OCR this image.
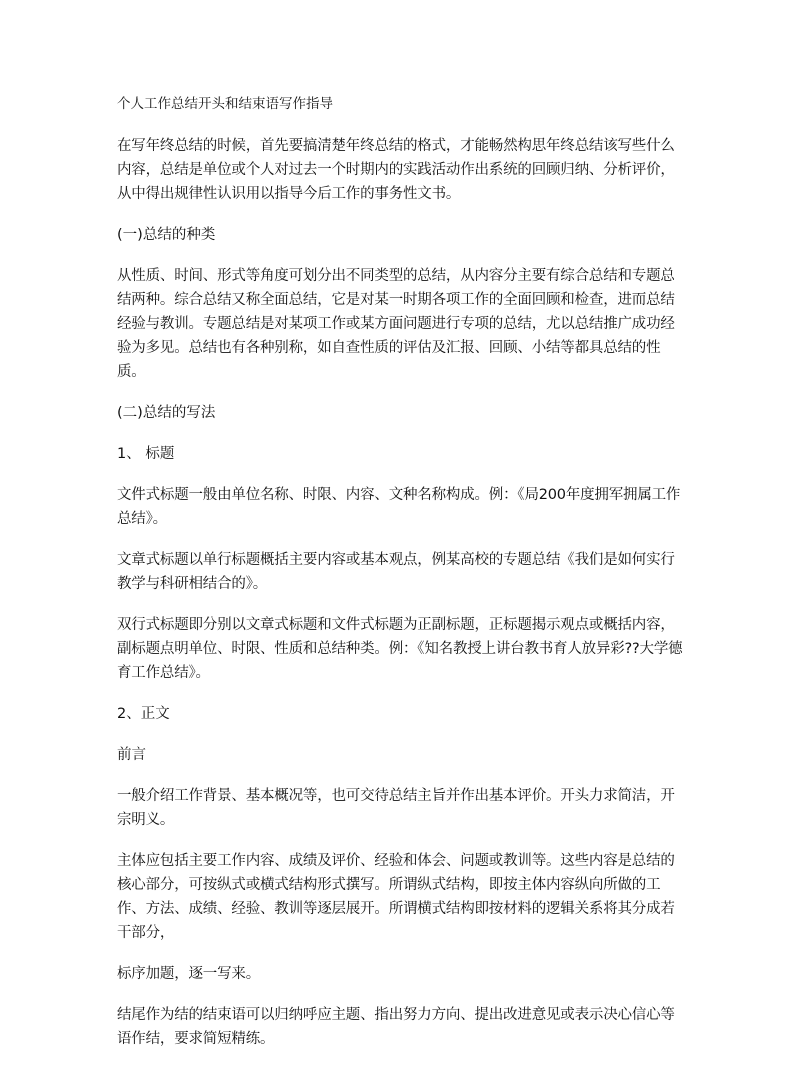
个人工作总结开头和结束语写作指导
在写年终总结的时候，首先要搞清楚年终总结的格式，才能畅然构思年终总结该写些什么内容，总结是单位或个人对过去一个时期内的实践活动作出系统的回顾归纳、分析评价，从中得出规律性认识用以指导今后工作的事务性文书。
(一)总结的种类
从性质、时间、形式等角度可划分出不同类型的总结，从内容分主要有综合总结和专题总结两种。综合总结又称全面总结，它是对某一时期各项工作的全面回顾和检查，进而总结经验与教训。专题总结是对某项工作或某方面问题进行专项的总结，尤以总结推广成功经验为多见。总结也有各种别称，如自查性质的评估及汇报、回顾、小结等都具总结的性质。
(二)总结的写法
1、 标题
文件式标题一般由单位名称、时限、内容、文种名称构成。例：《局200年度拥军拥属工作总结》。
文章式标题以单行标题概括主要内容或基本观点，例某高校的专题总结《我们是如何实行教学与科研相结合的》。
双行式标题即分别以文章式标题和文件式标题为正副标题，正标题揭示观点或概括内容，副标题点明单位、时限、性质和总结种类。例：《知名教授上讲台教书育人放异彩??大学德育工作总结》。
2、正文
前言
一般介绍工作背景、基本概况等，也可交待总结主旨并作出基本评价。开头力求简洁，开宗明义。
主体应包括主要工作内容、成绩及评价、经验和体会、问题或教训等。这些内容是总结的核心部分，可按纵式或横式结构形式撰写。所谓纵式结构，即按主体内容纵向所做的工作、方法、成绩、经验、教训等逐层展开。所谓横式结构即按材料的逻辑关系将其分成若干部分，
标序加题，逐一写来。
结尾作为结的结束语可以归纳呼应主题、指出努力方向、提出改进意见或表示决心信心等语作结，要求简短精练。
